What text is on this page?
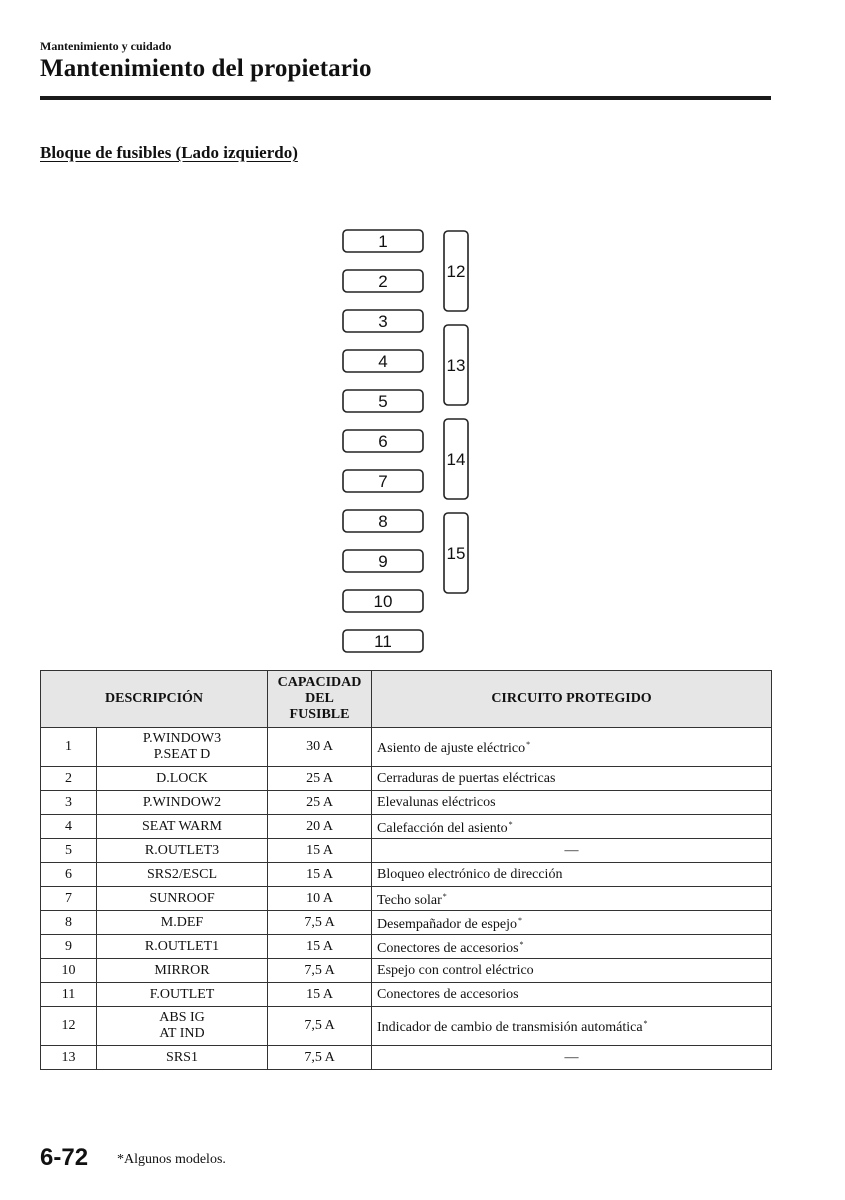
Mantenimiento y cuidado
Mantenimiento del propietario
Bloque de fusibles (Lado izquierdo)
1
2
3
4
5
6
7
8
9
10
11
12
13
14
15
DESCRIPCIÓN		CAPACIDAD
DEL
FUSIBLE	CIRCUITO PROTEGIDO
1	P.WINDOW3
P.SEAT D	30 A	Asiento de ajuste eléctrico*
2	D.LOCK	25 A	Cerraduras de puertas eléctricas
3	P.WINDOW2	25 A	Elevalunas eléctricos
4	SEAT WARM	20 A	Calefacción del asiento*
5	R.OUTLET3	15 A	—
6	SRS2/ESCL	15 A	Bloqueo electrónico de dirección
7	SUNROOF	10 A	Techo solar*
8	M.DEF	7,5 A	Desempañador de espejo*
9	R.OUTLET1	15 A	Conectores de accesorios*
10	MIRROR	7,5 A	Espejo con control eléctrico
11	F.OUTLET	15 A	Conectores de accesorios
12	ABS IG
AT IND	7,5 A	Indicador de cambio de transmisión automática*
13	SRS1	7,5 A	—
6-72 *Algunos modelos.
